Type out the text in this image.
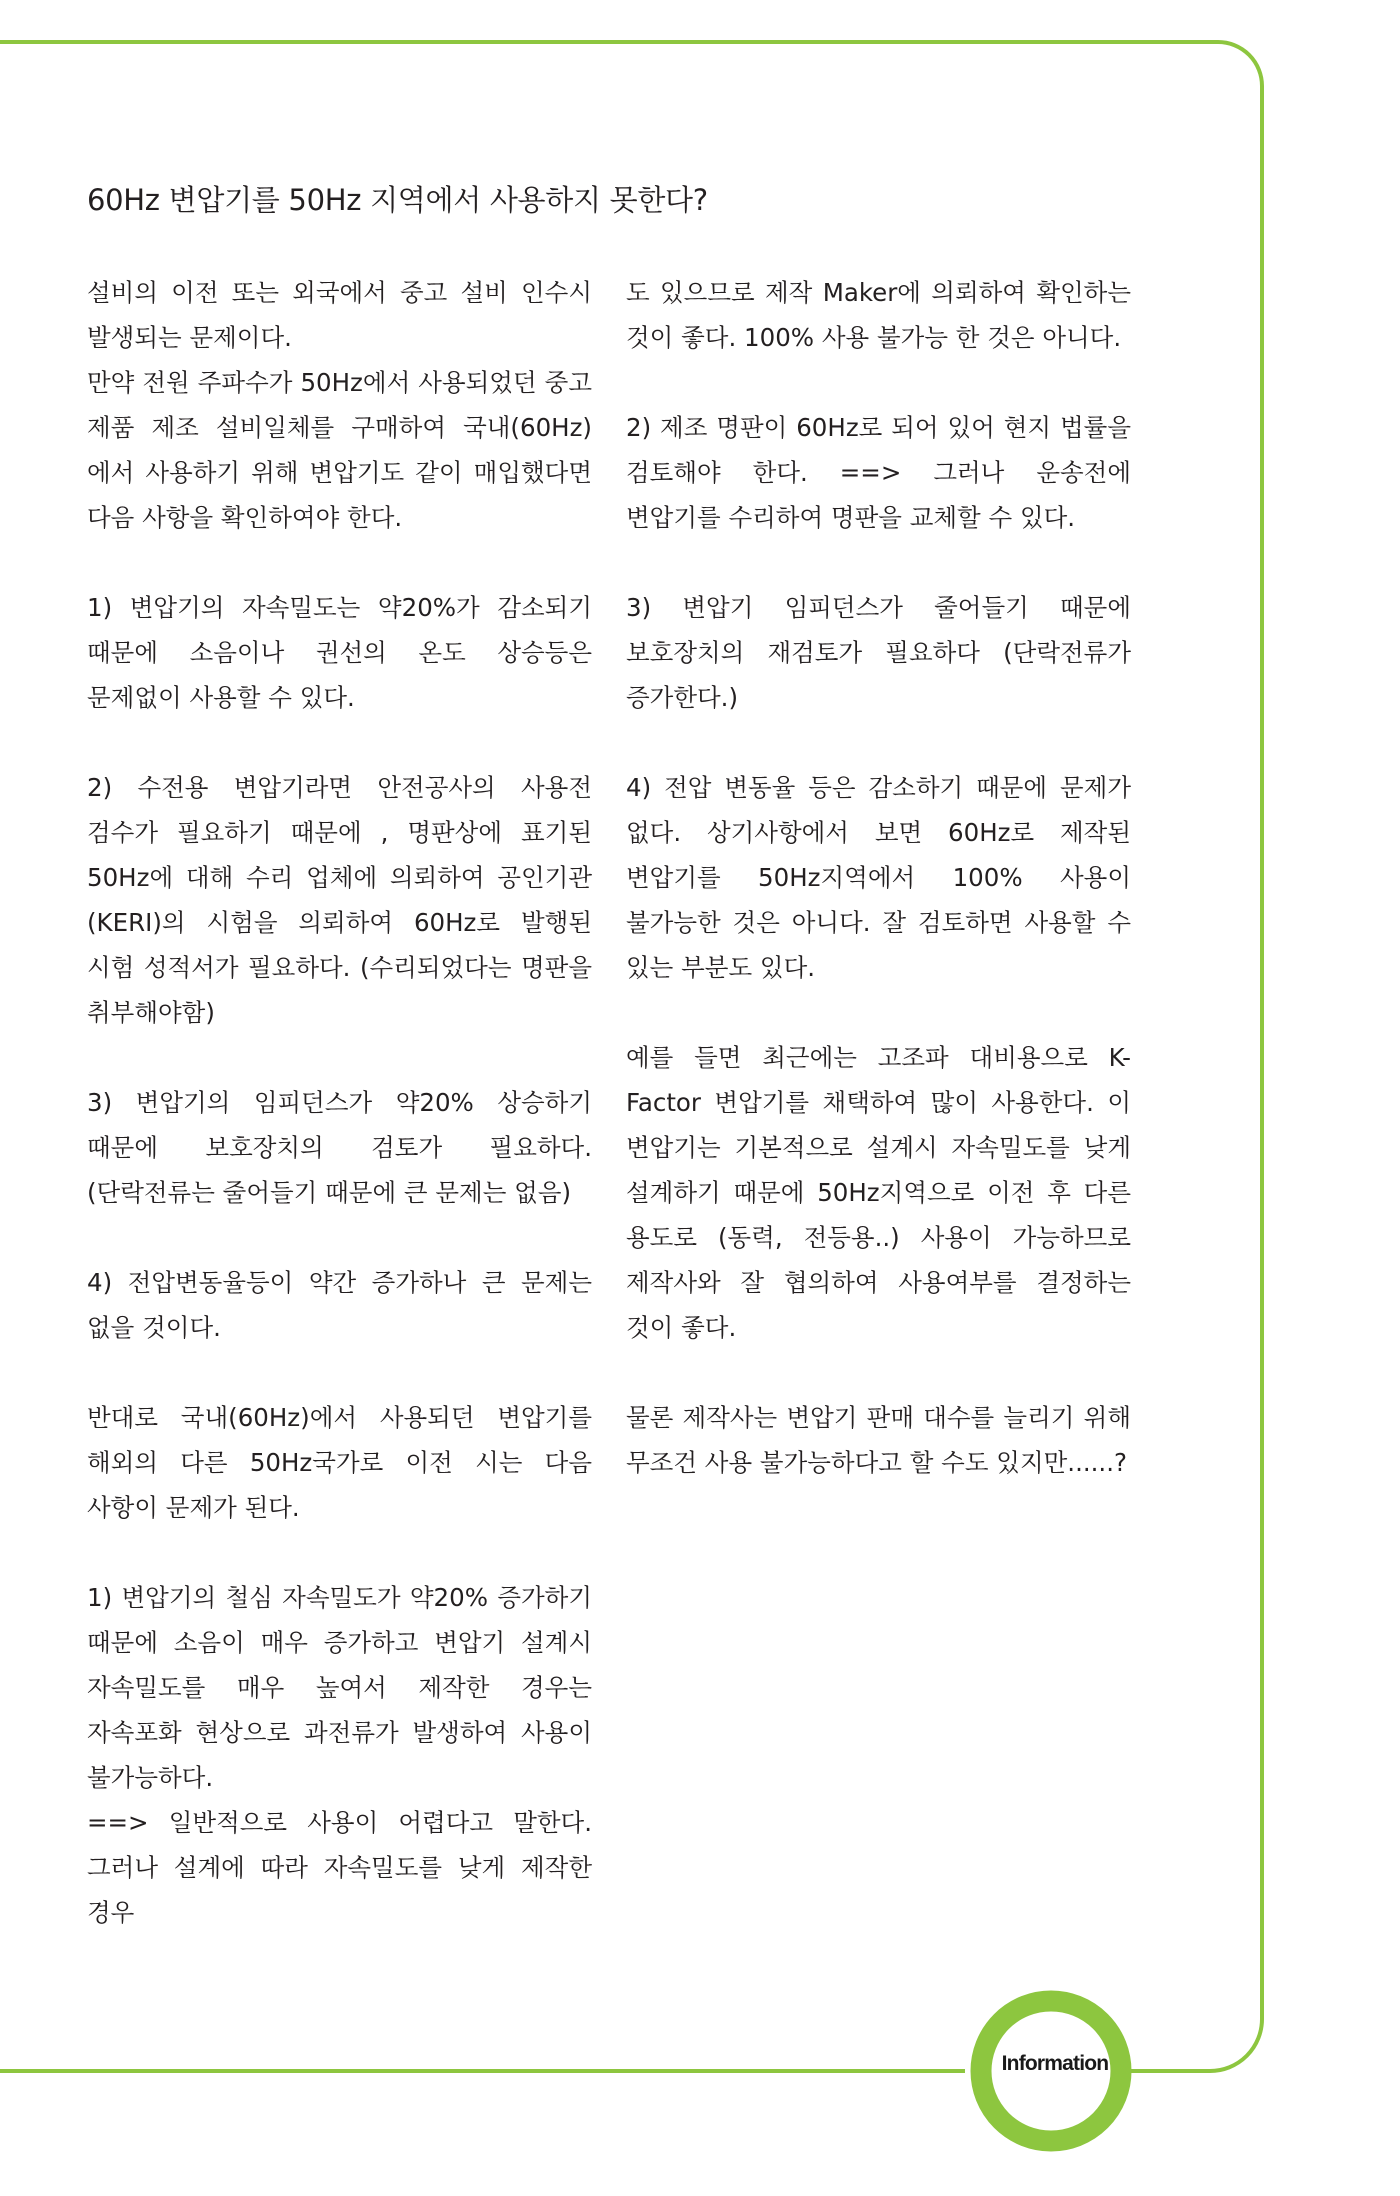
60Hz 변압기를 50Hz 지역에서 사용하지 못한다?

설비의 이전 또는 외국에서 중고 설비 인수시 발생되는 문제이다.

만약 전원 주파수가 50Hz에서 사용되었던 중고 제품 제조 설비일체를 구매하여 국내(60Hz)에서 사용하기 위해 변압기도 같이 매입했다면 다음 사항을 확인하여야 한다.

1) 변압기의 자속밀도는 약20%가 감소되기 때문에 소음이나 권선의 온도 상승등은 문제없이 사용할 수 있다.

2) 수전용 변압기라면 안전공사의 사용전 검수가 필요하기 때문에 , 명판상에 표기된 50Hz에 대해 수리 업체에 의뢰하여 공인기관(KERI)의 시험을 의뢰하여 60Hz로 발행된 시험 성적서가 필요하다. (수리되었다는 명판을 취부해야함)

3) 변압기의 임피던스가 약20% 상승하기 때문에 보호장치의 검토가 필요하다. (단락전류는 줄어들기 때문에 큰 문제는 없음)

4) 전압변동율등이 약간 증가하나 큰 문제는 없을 것이다.

반대로 국내(60Hz)에서 사용되던 변압기를 해외의 다른 50Hz국가로 이전 시는 다음 사항이 문제가 된다.

1) 변압기의 철심 자속밀도가 약20% 증가하기 때문에 소음이 매우 증가하고 변압기 설계시 자속밀도를 매우 높여서 제작한 경우는 자속포화 현상으로 과전류가 발생하여 사용이 불가능하다.

==> 일반적으로 사용이 어렵다고 말한다. 그러나 설계에 따라 자속밀도를 낮게 제작한 경우

도 있으므로 제작 Maker에 의뢰하여 확인하는 것이 좋다. 100% 사용 불가능 한 것은 아니다.

2) 제조 명판이 60Hz로 되어 있어 현지 법률을 검토해야 한다. ==> 그러나 운송전에 변압기를 수리하여 명판을 교체할 수 있다.

3) 변압기 임피던스가 줄어들기 때문에 보호장치의 재검토가 필요하다 (단락전류가 증가한다.)

4) 전압 변동율 등은 감소하기 때문에 문제가 없다. 상기사항에서 보면 60Hz로 제작된 변압기를 50Hz지역에서 100% 사용이 불가능한 것은 아니다. 잘 검토하면 사용할 수 있는 부분도 있다.

예를 들면 최근에는 고조파 대비용으로 K-Factor 변압기를 채택하여 많이 사용한다. 이 변압기는 기본적으로 설계시 자속밀도를 낮게 설계하기 때문에 50Hz지역으로 이전 후 다른 용도로 (동력, 전등용..) 사용이 가능하므로 제작사와 잘 협의하여 사용여부를 결정하는 것이 좋다.

물론 제작사는 변압기 판매 대수를 늘리기 위해 무조건 사용 불가능하다고 할 수도 있지만......?

Information
